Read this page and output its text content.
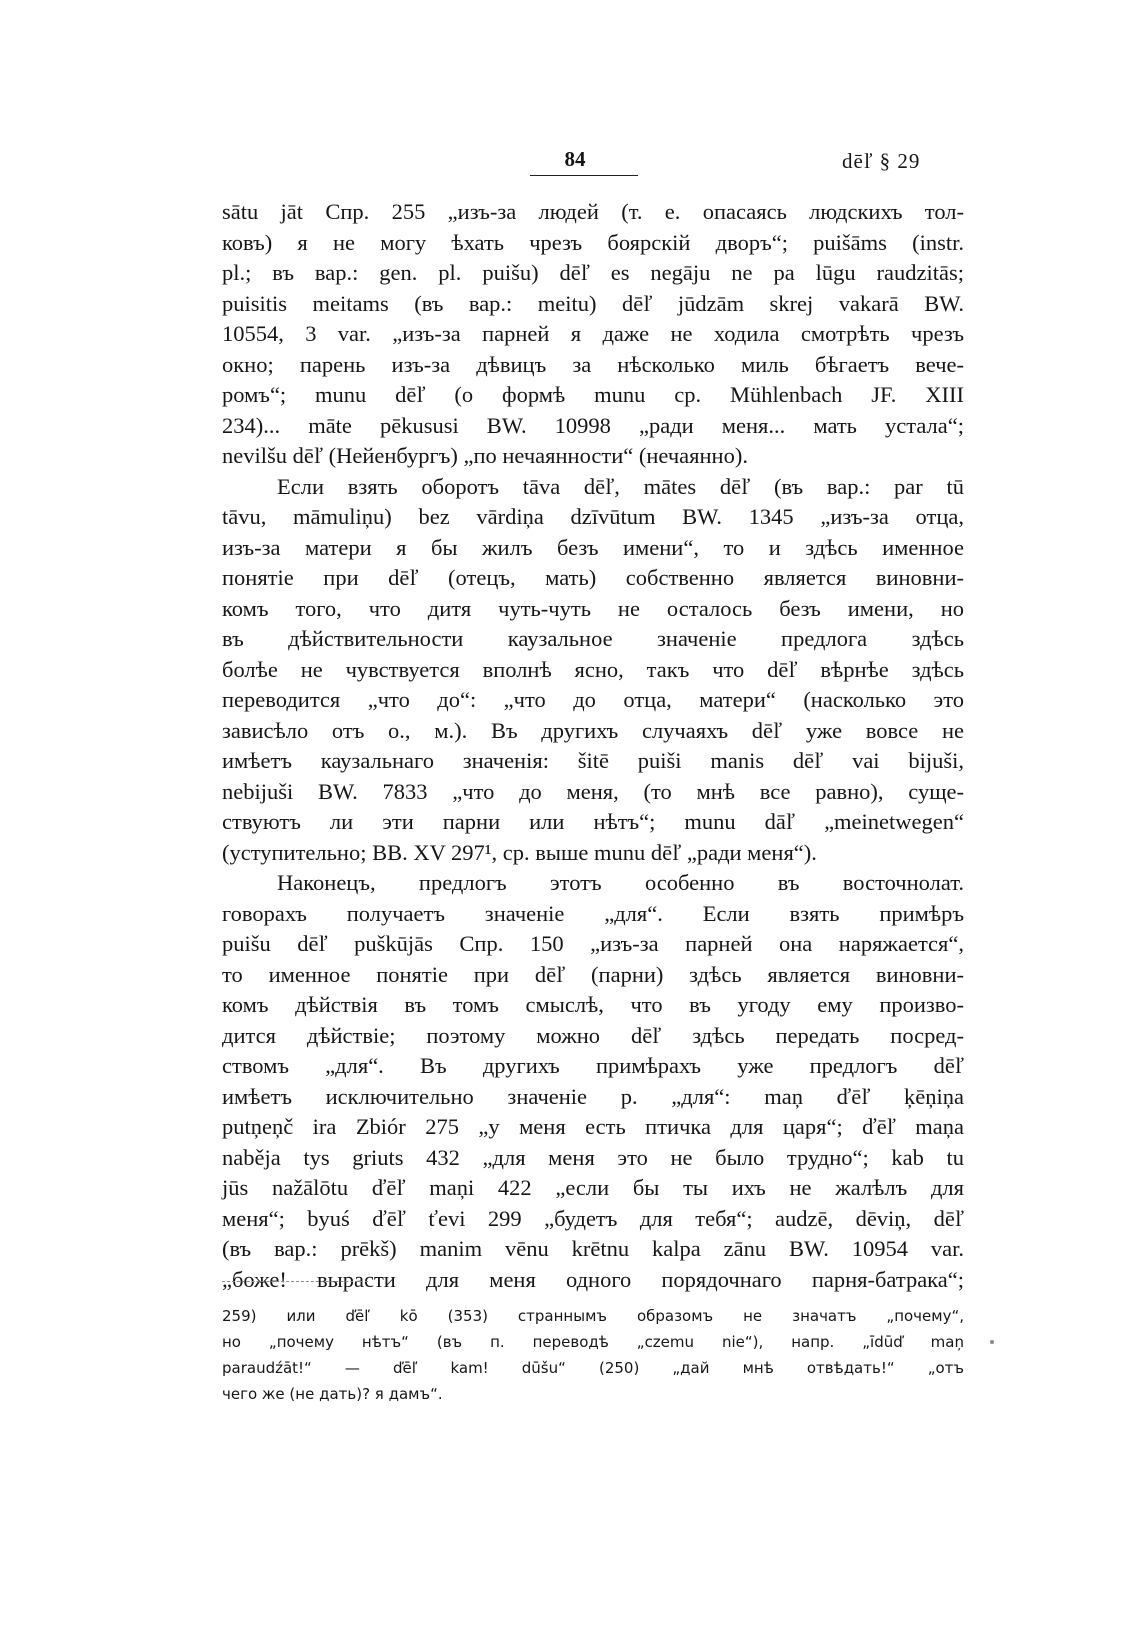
84	dēľ § 29
sātu jāt Спр. 255 „изъ-за людей (т. е. опасаясь людскихъ тол-
ковъ) я не могу ѣхать чрезъ боярскій дворъ“; puišāms (instr.
pl.; въ вар.: gen. pl. puišu) dēľ es negāju ne pa lūgu raudzitās;
puisitis meitams (въ вар.: meitu) dēľ jūdzām skrej vakarā BW.
10554, 3 var. „изъ-за парней я даже не ходила смотрѣть чрезъ
окно; парень изъ-за дѣвицъ за нѣсколько миль бѣгаетъ вече-
ромъ“; munu dēľ (о формѣ munu ср. Mühlenbach JF. XIII
234)... māte pēkususi BW. 10998 „ради меня... мать устала“;
nevilšu dēľ (Нейенбургъ) „по нечаянности“ (нечаянно).
Если взять оборотъ tāva dēľ, mātes dēľ (въ вар.: par tū
tāvu, māmuliņu) bez vārdiņa dzīvūtum BW. 1345 „изъ-за отца,
изъ-за матери я бы жилъ безъ имени“, то и здѣсь именное
понятіе при dēľ (отецъ, мать) собственно является виновни-
комъ того, что дитя чуть-чуть не осталось безъ имени, но
въ дѣйствительности каузальное значеніе предлога здѣсь
болѣе не чувствуется вполнѣ ясно, такъ что dēľ вѣрнѣе здѣсь
переводится „что до“: „что до отца, матери“ (насколько это
зависѣло отъ о., м.). Въ другихъ случаяхъ dēľ уже вовсе не
имѣетъ каузальнаго значенія: šitē puiši manis dēľ vai bijuši,
nebijuši BW. 7833 „что до меня, (то мнѣ все равно), суще-
ствуютъ ли эти парни или нѣтъ“; munu dāľ „meinetwegen“
(уступительно; BB. XV 297¹, ср. выше munu dēľ „ради меня“).
Наконецъ, предлогъ этотъ особенно въ восточнолат.
говорахъ получаетъ значеніе „для“. Если взять примѣръ
puišu dēľ puškūjās Спр. 150 „изъ-за парней она наряжается“,
то именное понятіе при dēľ (парни) здѣсь является виновни-
комъ дѣйствія въ томъ смыслѣ, что въ угоду ему произво-
дится дѣйствіе; поэтому можно dēľ здѣсь передать посред-
ствомъ „для“. Въ другихъ примѣрахъ уже предлогъ dēľ
имѣетъ исключительно значеніе р. „для“: maņ ďēľ ķēņiņa
putņeņč ira Zbiór 275 „у меня есть птичка для царя“; ďēľ maņa
naběja tys griuts 432 „для меня это не было трудно“; kab tu
jūs nažālōtu ďēľ maņi 422 „если бы ты ихъ не жалѣлъ для
меня“; byuś ďēľ ťevi 299 „будетъ для тебя“; audzē, dēviņ, dēľ
(въ вар.: prēkš) manim vēnu krētnu kalpa zānu BW. 10954 var.
„боже! вырасти для меня одного порядочнаго парня-батрака“;
259) или ďēľ kō (353) страннымъ образомъ не значатъ „почему“,
но „почему нѣтъ“ (въ п. переводѣ „czemu nie“), напр. „īdūď maņ
paraudźāt!“ — ďēľ kam! dūšu“ (250) „дай мнѣ отвѣдать!“ „отъ
чего же (не дать)? я дамъ“.
